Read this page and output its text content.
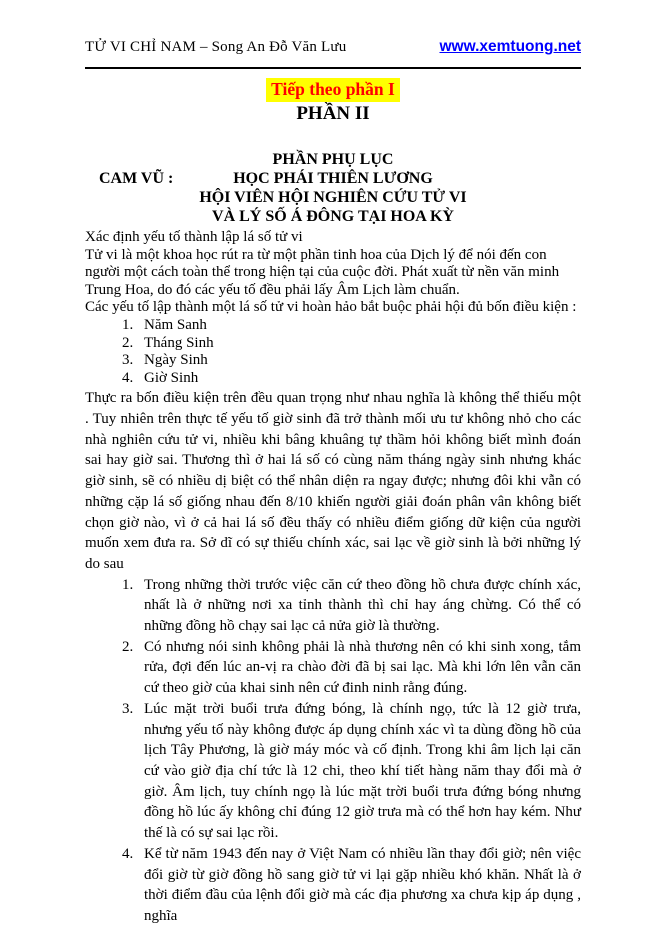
TỬ VI CHỈ NAM – Song An Đỗ Văn Lưu	www.xemtuong.net
Tiếp theo phần I
PHẦN II
PHẦN PHỤ LỤC
CAM VŨ :	HỌC PHÁI THIÊN LƯƠNG
HỘI VIÊN HỘI NGHIÊN CỨU TỬ VI
VÀ LÝ SỐ Á ĐÔNG TẠI HOA KỲ
Xác định yếu tố thành lập lá số tử vi

Tử vi là một khoa học rút ra từ một phần tinh hoa của Dịch lý để nói đến con người một cách toàn thể trong hiện tại của cuộc đời. Phát xuất từ nền văn minh Trung Hoa, do đó các yếu tố đều phải lấy Âm Lịch làm chuẩn.

Các yếu tố lập thành một lá số tử vi hoàn hảo bắt buộc phải hội đủ bốn điều kiện :
1. Năm Sanh
2. Tháng Sinh
3. Ngày Sinh
4. Giờ Sinh

Thực ra bốn điều kiện trên đều quan trọng như nhau nghĩa là không thể thiếu một . Tuy nhiên trên thực tế yếu tố giờ sinh đã trở thành mối ưu tư không nhỏ cho các nhà nghiên cứu tử vi, nhiều khi bâng khuâng tự thầm hỏi không biết mình đoán sai hay giờ sai. Thương thì ở hai lá số có cùng năm tháng ngày sinh nhưng khác giờ sinh, sẽ có nhiều dị biệt có thể nhân diện ra ngay được; nhưng đôi khi vẫn có những cặp lá số giống nhau đến 8/10 khiến người giải đoán phân vân không biết chọn giờ nào, vì ở cả hai lá số đều thấy có nhiều điểm giống dữ kiện của người muốn xem đưa ra. Sở dĩ có sự thiếu chính xác, sai lạc về giờ sinh là bởi những lý do sau

1. Trong những thời trước việc căn cứ theo đồng hồ chưa được chính xác, nhất là ở những nơi xa tỉnh thành thì chỉ hay áng chừng. Có thể có những đồng hồ chạy sai lạc cả nửa giờ là thường.
2. Có nhưng nói sinh không phải là nhà thương nên có khi sinh xong, tắm rửa, đợi đến lúc an-vị ra chào đời đã bị sai lạc. Mà khi lớn lên vẫn căn cứ theo giờ của khai sinh nên cứ đinh ninh rằng đúng.
3. Lúc mặt trời buổi trưa đứng bóng, là chính ngọ, tức là 12 giờ trưa, nhưng yếu tố này không được áp dụng chính xác vì ta dùng đồng hồ của lịch Tây Phương, là giờ máy móc và cố định. Trong khi âm lịch lại căn cứ vào giờ địa chí tức là 12 chi, theo khí tiết hàng năm thay đổi mà ở giờ. Âm lịch, tuy chính ngọ là lúc mặt trời buổi trưa đứng bóng nhưng đồng hồ lúc ấy không chỉ đúng 12 giờ trưa mà có thể hơn hay kém. Như thế là có sự sai lạc rồi.
4. Kể từ năm 1943 đến nay ở Việt Nam có nhiều lần thay đổi giờ; nên việc đổi giờ từ giờ đồng hồ sang giờ tử vi lại gặp nhiều khó khăn. Nhất là ở thời điểm đầu của lệnh đổi giờ mà các địa phương xa chưa kịp áp dụng , nghĩa
